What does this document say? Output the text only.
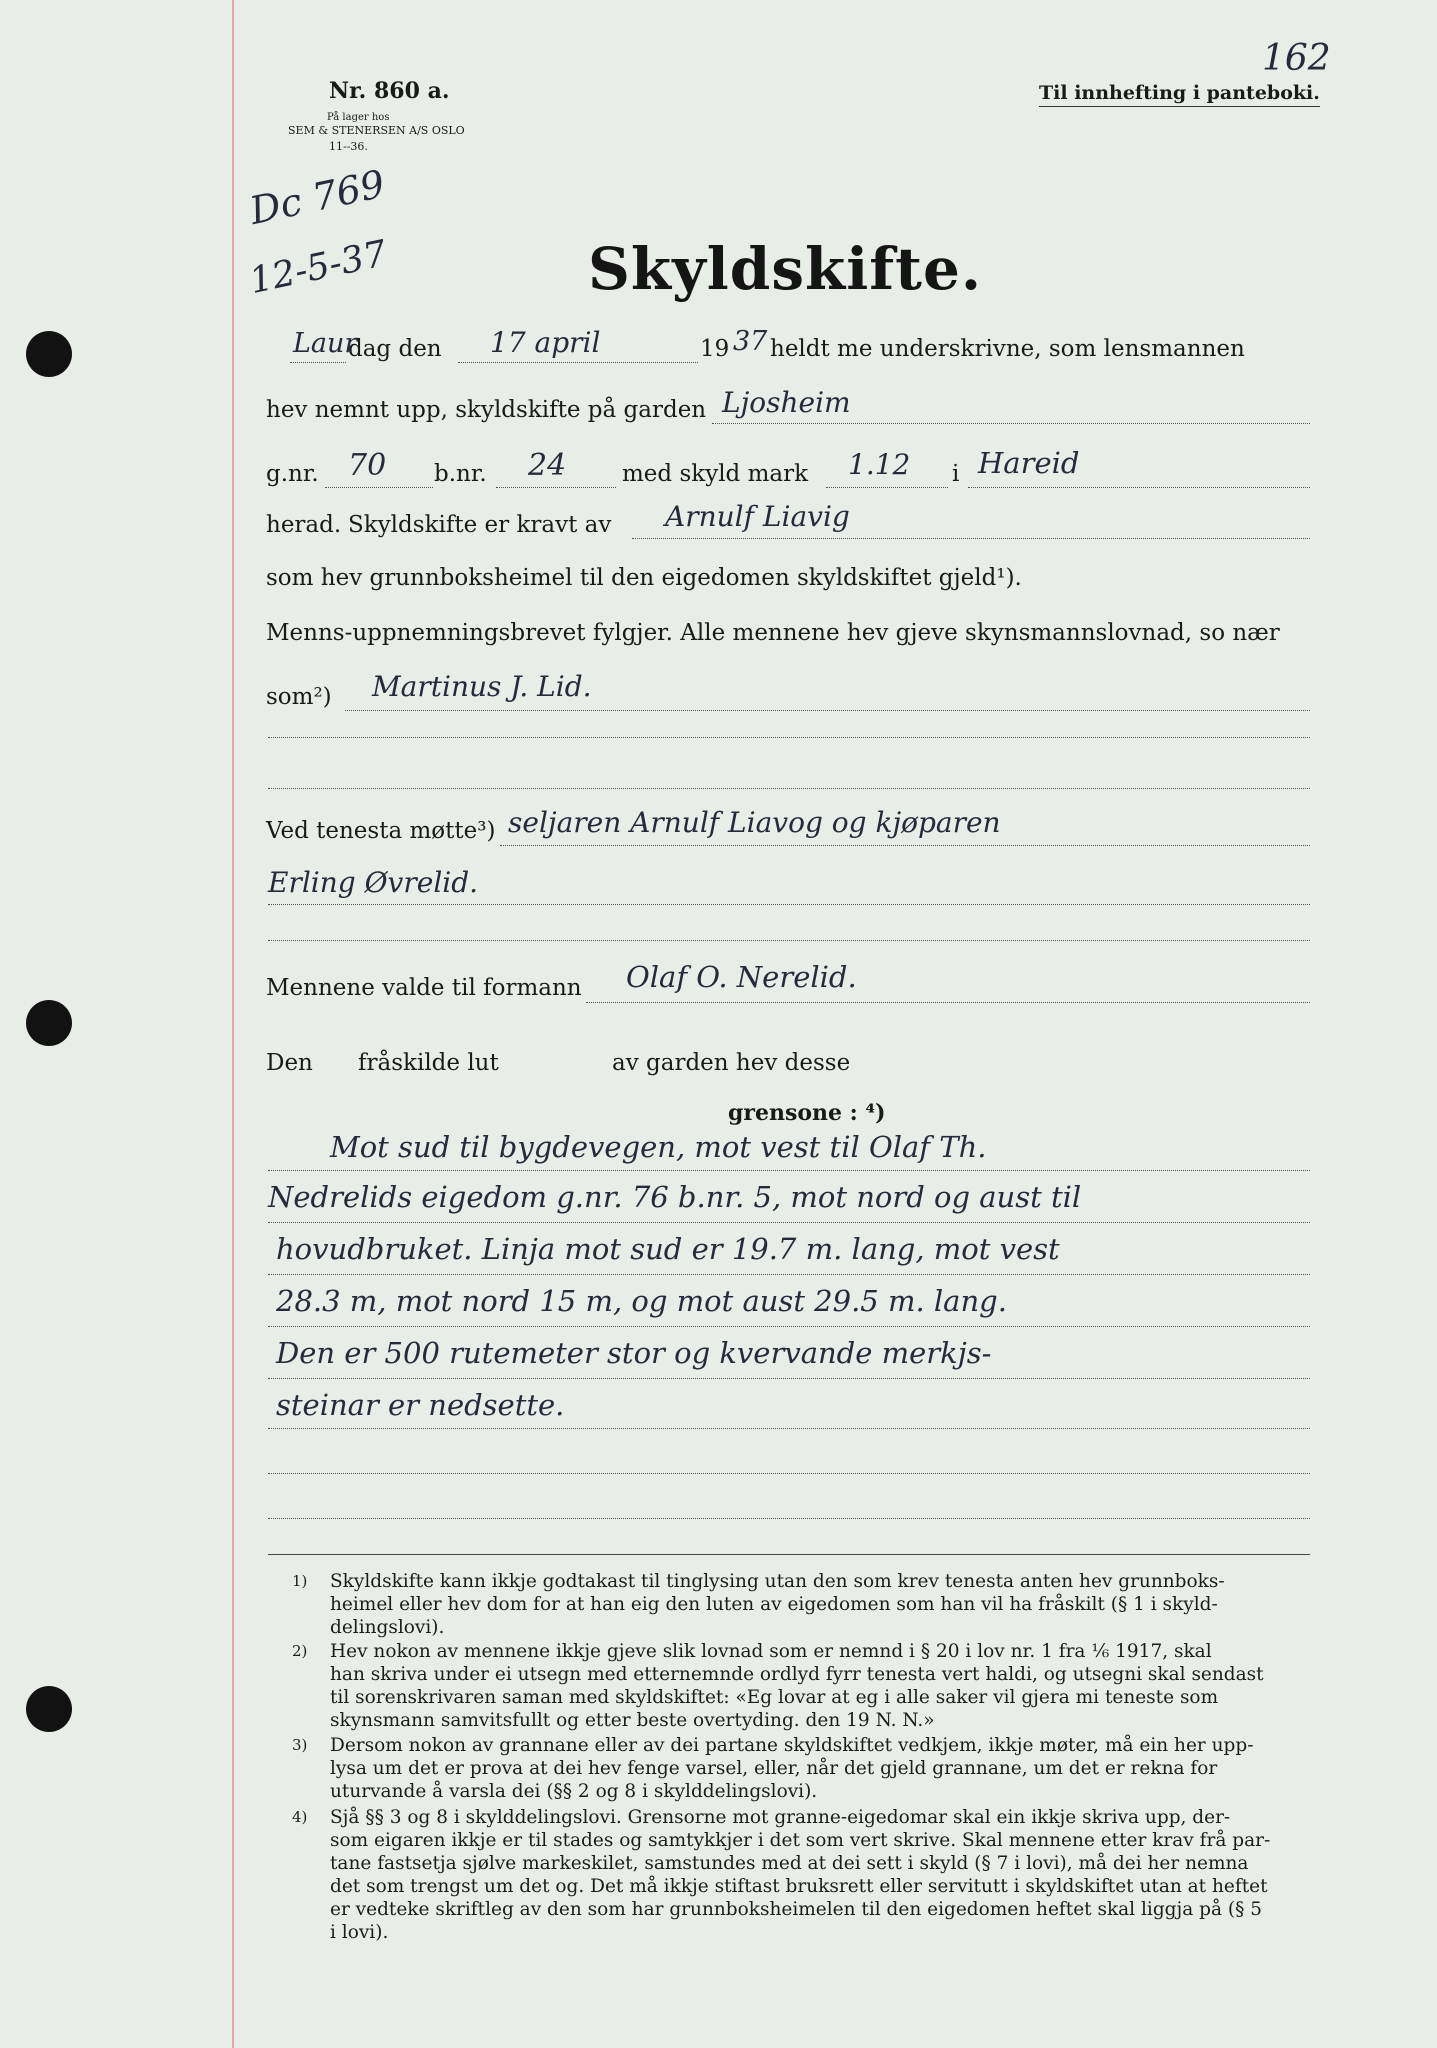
Nr. 860 a.
På lager hos
SEM & STENERSEN A/S OSLO
11--36.
Til innhefting i panteboki.
162
Dc 769
12-5-37	Skyldskifte.
Laur
dag den 17 april	19 37 heldt me underskrivne, som lensmannen
hev nemnt upp, skyldskifte på garden Ljosheim
g.nr. 70 b.nr. 24 med skyld mark 1.12 i Hareid
herad. Skyldskifte er kravt av Arnulf Liavig
som hev grunnboksheimel til den eigedomen skyldskiftet gjeld¹).
Menns-uppnemningsbrevet fylgjer. Alle mennene hev gjeve skynsmannslovnad, so nær
som²) Martinus J. Lid.
Ved tenesta møtte³) seljaren Arnulf Liavog og kjøparen
Erling Øvrelid.
Mennene valde til formann Olaf O. Nerelid.
Den fråskilde lut	av garden hev desse
grensone : ⁴)
Mot sud til bygdevegen, mot vest til Olaf Th.
Nedrelids eigedom g.nr. 76 b.nr. 5, mot nord og aust til
hovudbruket. Linja mot sud er 19.7 m. lang, mot vest
28.3 m, mot nord 15 m, og mot aust 29.5 m. lang.
Den er 500 rutemeter stor og kvervande merkjs-
steinar er nedsette.
1) Skyldskifte kann ikkje godtakast til tinglysing utan den som krev tenesta anten hev grunnboks-

heimel eller hev dom for at han eig den luten av eigedomen som han vil ha fråskilt (§ 1 i skyld-

delingslovi).

2) Hev nokon av mennene ikkje gjeve slik lovnad som er nemnd i § 20 i lov nr. 1 fra ⅙ 1917, skal

han skriva under ei utsegn med etternemnde ordlyd fyrr tenesta vert haldi, og utsegni skal sendast

til sorenskrivaren saman med skyldskiftet: «Eg lovar at eg i alle saker vil gjera mi teneste som

skynsmann samvitsfullt og etter beste overtyding. den 19 N. N.»

3) Dersom nokon av grannane eller av dei partane skyldskiftet vedkjem, ikkje møter, må ein her upp-

lysa um det er prova at dei hev fenge varsel, eller, når det gjeld grannane, um det er rekna for

uturvande å varsla dei (§§ 2 og 8 i skylddelingslovi).

4) Sjå §§ 3 og 8 i skylddelingslovi. Grensorne mot granne-eigedomar skal ein ikkje skriva upp, der-

som eigaren ikkje er til stades og samtykkjer i det som vert skrive. Skal mennene etter krav frå par-

tane fastsetja sjølve markeskilet, samstundes med at dei sett i skyld (§ 7 i lovi), må dei her nemna

det som trengst um det og. Det må ikkje stiftast bruksrett eller servitutt i skyldskiftet utan at heftet

er vedteke skriftleg av den som har grunnboksheimelen til den eigedomen heftet skal liggja på (§ 5

i lovi).
